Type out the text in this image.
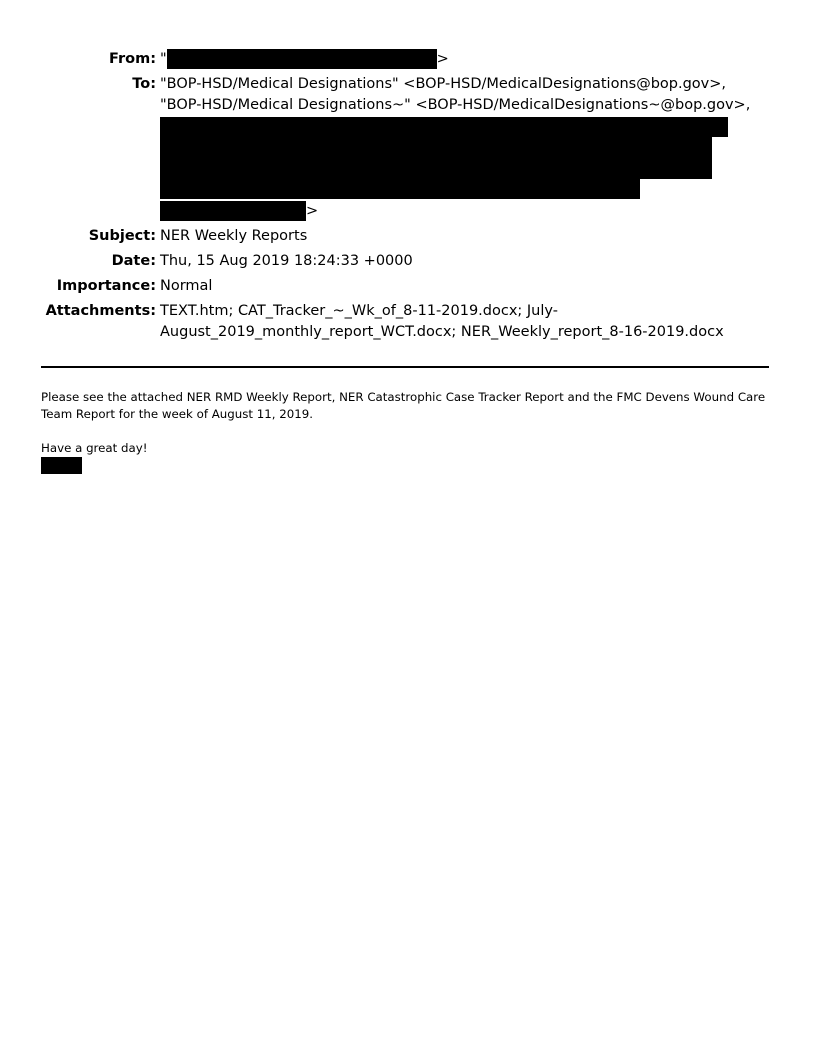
From: "	>
To: "BOP-HSD/Medical Designations" <BOP-HSD/MedicalDesignations@bop.gov>,
"BOP-HSD/Medical Designations~" <BOP-HSD/MedicalDesignations~@bop.gov>,
>
Subject: NER Weekly Reports
Date: Thu, 15 Aug 2019 18:24:33 +0000
Importance: Normal
Attachments: TEXT.htm; CAT_Tracker_~_Wk_of_8-11-2019.docx; July-
August_2019_monthly_report_WCT.docx; NER_Weekly_report_8-16-2019.docx

Please see the attached NER RMD Weekly Report, NER Catastrophic Case Tracker Report and the FMC Devens Wound Care Team Report for the week of August 11, 2019.

Have a great day!
